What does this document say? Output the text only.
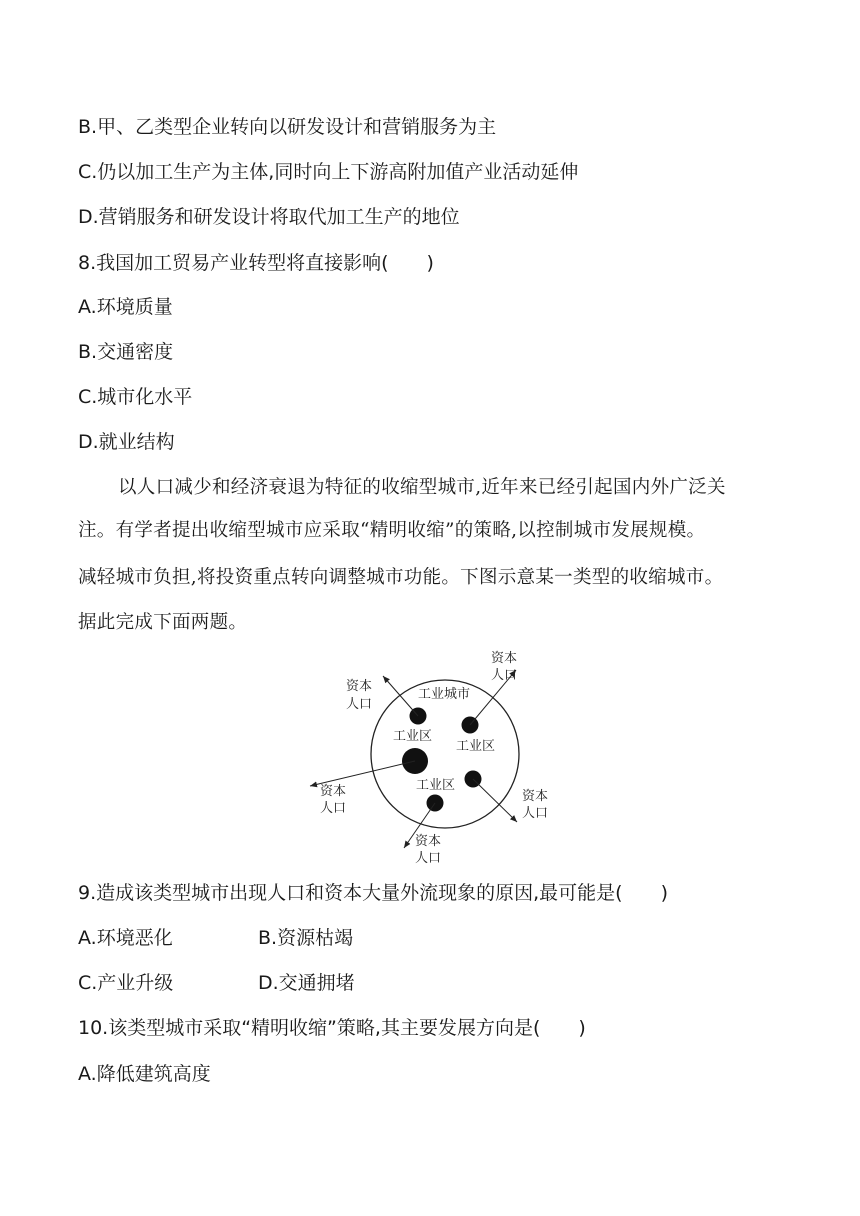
B.甲、乙类型企业转向以研发设计和营销服务为主
C.仍以加工生产为主体,同时向上下游高附加值产业活动延伸
D.营销服务和研发设计将取代加工生产的地位
8.我国加工贸易产业转型将直接影响(　　)
A.环境质量
B.交通密度
C.城市化水平
D.就业结构
以人口减少和经济衰退为特征的收缩型城市,近年来已经引起国内外广泛关
注。有学者提出收缩型城市应采取“精明收缩”的策略,以控制城市发展规模。
减轻城市负担,将投资重点转向调整城市功能。下图示意某一类型的收缩城市。
据此完成下面两题。
工业城市
工业区
工业区
工业区
资本
人口
资本
人口
资本
人口
资本
人口
资本
人口
9.造成该类型城市出现人口和资本大量外流现象的原因,最可能是(　　)
A.环境恶化	B.资源枯竭
C.产业升级	D.交通拥堵
10.该类型城市采取“精明收缩”策略,其主要发展方向是(　　)
A.降低建筑高度
